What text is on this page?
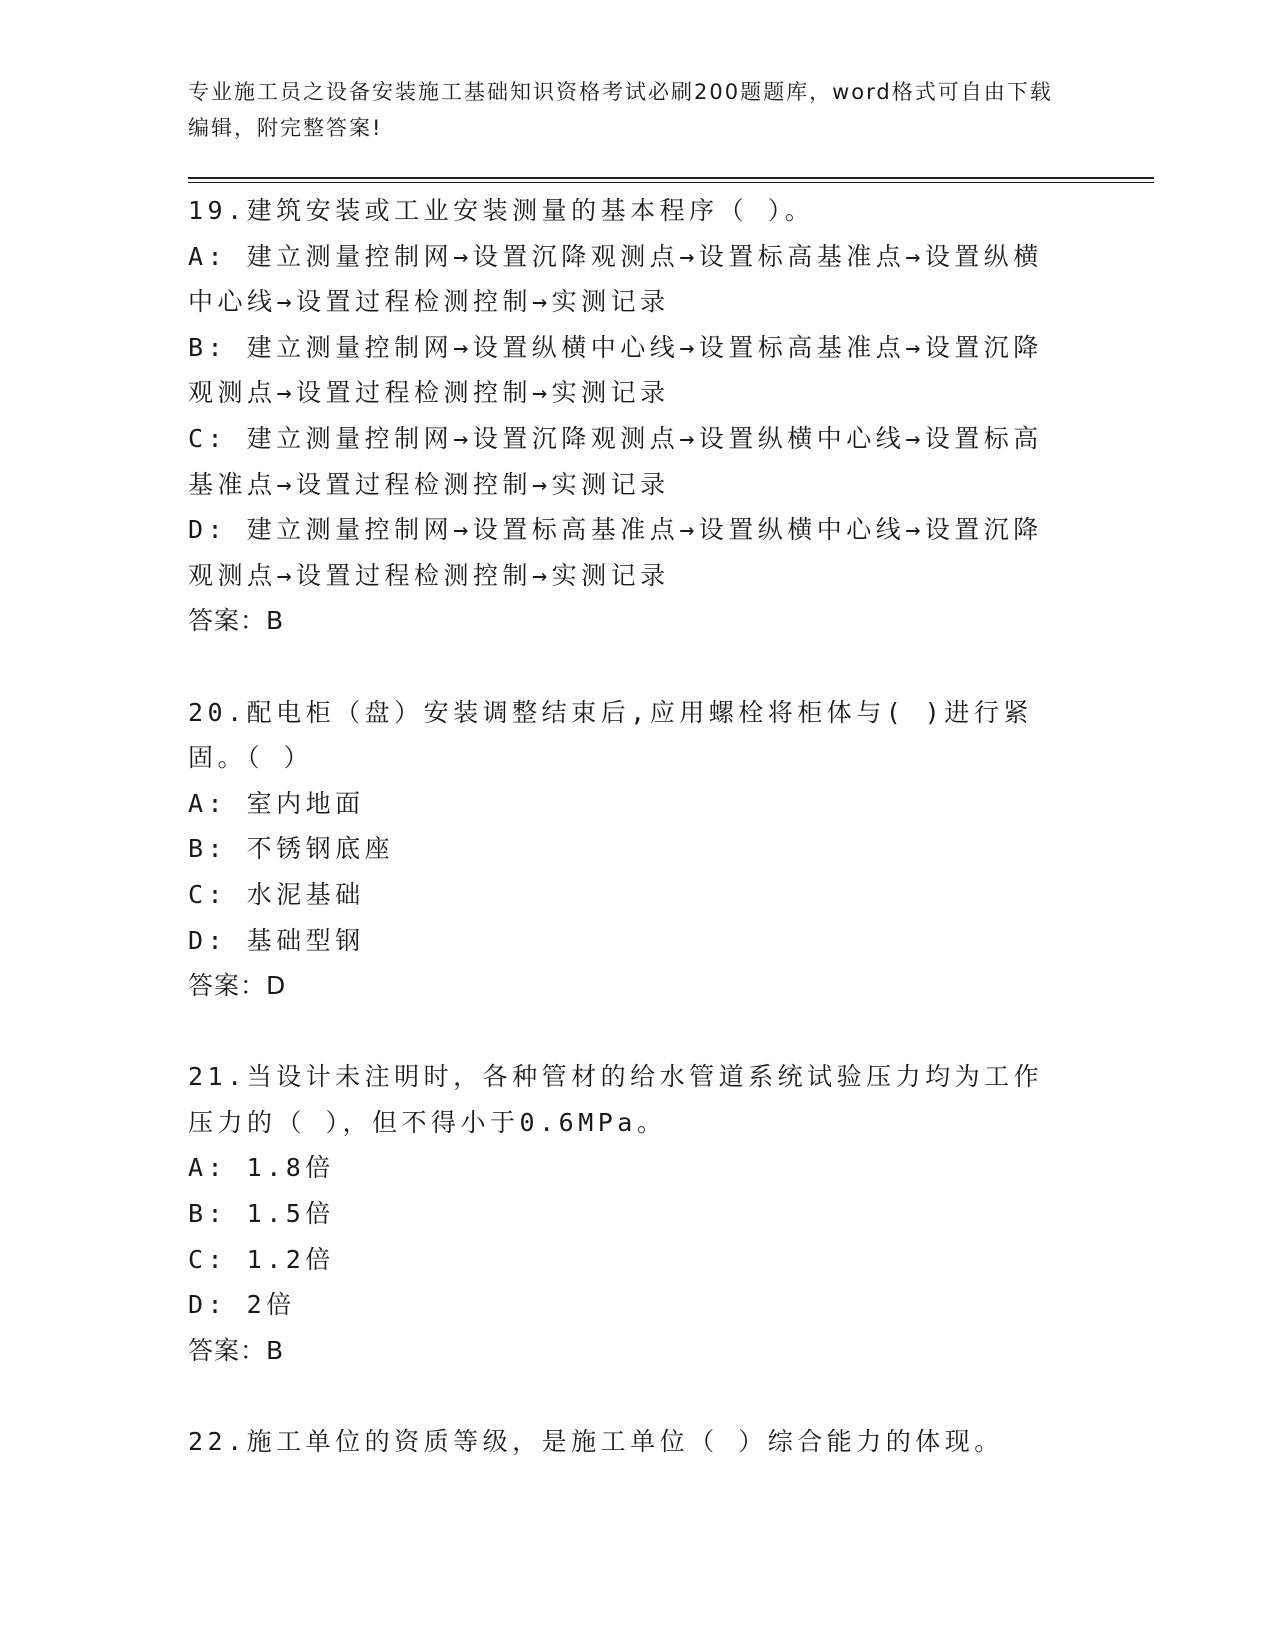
专业施工员之设备安装施工基础知识资格考试必刷200题题库，word格式可自由下载编辑，附完整答案!

19.建筑安装或工业安装测量的基本程序（ ）。

A: 建立测量控制网→设置沉降观测点→设置标高基准点→设置纵横中心线→设置过程检测控制→实测记录

B: 建立测量控制网→设置纵横中心线→设置标高基准点→设置沉降观测点→设置过程检测控制→实测记录

C: 建立测量控制网→设置沉降观测点→设置纵横中心线→设置标高基准点→设置过程检测控制→实测记录

D: 建立测量控制网→设置标高基准点→设置纵横中心线→设置沉降观测点→设置过程检测控制→实测记录

答案：B

20.配电柜（盘）安装调整结束后,应用螺栓将柜体与( )进行紧固。（ ）

A: 室内地面

B: 不锈钢底座

C: 水泥基础

D: 基础型钢

答案：D

21.当设计未注明时，各种管材的给水管道系统试验压力均为工作压力的（ ），但不得小于0.6MPa。

A: 1.8倍

B: 1.5倍

C: 1.2倍

D: 2倍

答案：B

22.施工单位的资质等级，是施工单位（ ）综合能力的体现。
